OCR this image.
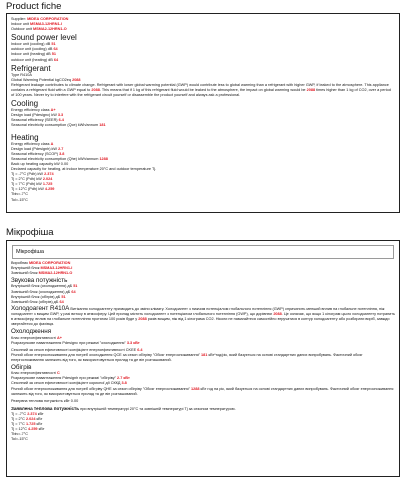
Product fiche
Supplier: MIDEA CORPORATION
Indoor unit MSMA3-12HRN1-I
Outdoor unit MSMA2-12HRN1-O
Sound power level
Indoor unit (cooling) dB 51
outdoor unit (cooling) dB 64
Indoor unit (heating) dB 51
outdoor unit (heating) dB 64
Refrigerant
Type R410A
Global Warming Potential kgCO2eq 2088
Refrigerant leakage contributes to climate change. Refrigerant with lower global warming potential (GWP) would contribute less to global warming than a refrigerant with higher GWP, if leaked to the atmosphere. This appliance contains a refrigerant fluid with a GWP equal to 2088. This means that if 1 kg of this refrigerant fluid would be leaked to the atmosphere, the impact on global warming would be 2088 times higher than 1 kg of CO2, over a period of 100 years. Never try to interfere with the refrigerant circuit yourself or disassemble the product yourself and always ask a professional.
Cooling
Energy efficiency class A+
Design load (Pdesignc) kW 3.3
Seasonal efficiency (SEER) 6.4
Seasonal electricity consumption (Qce) kWh/annum 181
Heating
Energy efficiency class A
Design load (Pdesignh) kW 2.7
Seasonal efficiency (SCOP) 3.8
Seasonal electricity consumption (Qhe) kWh/annum 1288
Back up heating capacity kW 0.00
Declared capacity for heating, at indoor temperature 20°C and outdoor temperature Tj.
Tj = -7°C (Pdh) kW 2.374
Tj = 2°C (Pdh) kW 2.024
Tj = 7°C (Pdh) kW 1.725
Tj = 12°C (Pdh) kW 4.259
Tbiv=-7°C
Tol=-15°C
Мікрофіша
Мікрофіша
Виробник MIDEA CORPORATION
Внутрішній блок MSMA3-12HRN1-I
Зовнішній блок MSMA2-12HRN1-O
Звукова потужність
Внутрішній блок (охолодження) дБ 51
Зовнішній блок (охолодження) дБ 64
Внутрішній блок (обігрів) дБ 51
Зовнішній блок (обігрів) дБ 64
Холодоагент R410A Витікання холодоагенту призводить до зміни клімату. Холодоагент з нижчим потенціалом глобального потепління (GWP) спричинить менший вплив на глобальне потепління, ніж холодоагент з вищим GWP, у разі витоку в атмосферу. Цей прилад містить холодоагент з потенціалом глобального потепління (GWP), що дорівнює 2088. Це означає, що якщо 1 кілограм цього холодоагенту потрапить в атмосферу, вплив на глобальне потепління протягом 100 років буде у 2088 разів вищим, ніж від 1 кілограма CO2. Ніколи не намагайтеся самостійно втручатися в контур холодоагенту або розбирати виріб, завжди звертайтеся до фахівця.
Охолодження
Клас енергоефективності A+
Розрахункове навантаження Pdesignc при режимі "охолодження" 3.3 кВт
Сезонний за сезон ефективності коефіцієнт енергоефективності CKEE 6.4
Річний обсяг енергоспоживання для потреб охолодження QCE за сезон обігріву "Обсяг енергоспоживання" 181 кВт*год/рік, який базується на основі стандартних даних випробувань. Фактичний обсяг енергоспоживання залежить від того, як використовується прилад та де він розташований.
Обігрів
Клас енергоефективності C
Розрахункове навантаження Pdesignh при режимі "обігріву" 2.7 кВт
Сезонний за сезон ефективності коефіцієнт корисної дії СККД 3.8
Річний обсяг енергоспоживання для потреб обігріву QHE за сезон обігріву "Обсяг енергоспоживання" 1288 кВт год на рік, який базується на основі стандартних даних випробувань. Фактичний обсяг енергоспоживання залежить від того, як використовується прилад та де він розташований.
Резервна теплова потужність кВт 0.00
Заявлена теплова потужність при внутрішній температурі 20°С та зовнішній температурі Tj за сезоном температурою.
Tj = -7°C 2.374 кВт
Tj = 2°C 2.024 кВт
Tj = 7°C 1.725 кВт
Tj = 12°C 4.259 кВт
Tbiv=-7°C
Tol=-15°C
